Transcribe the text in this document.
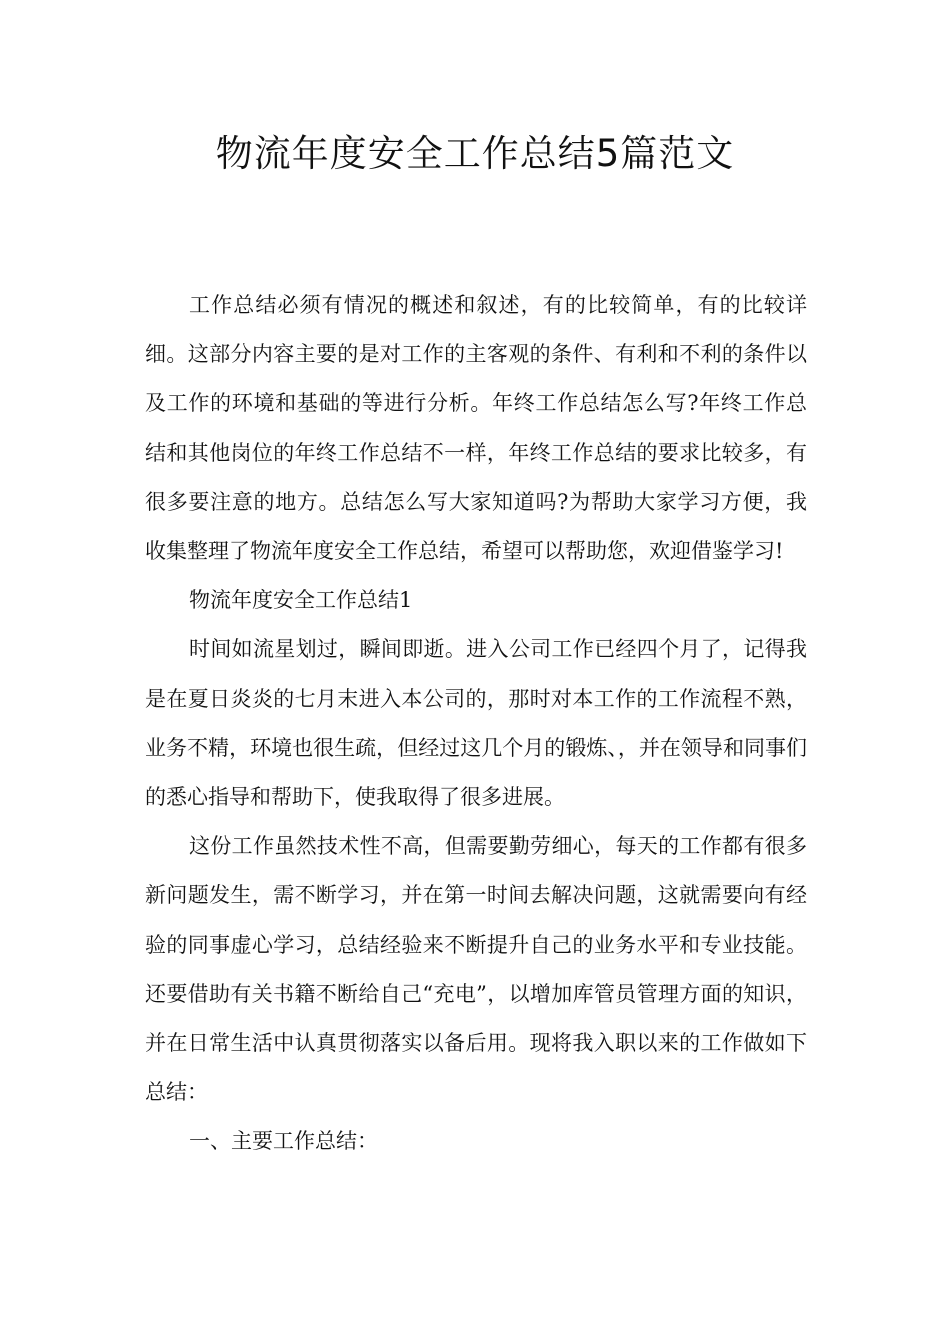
物流年度安全工作总结5篇范文

工作总结必须有情况的概述和叙述，有的比较简单，有的比较详细。这部分内容主要的是对工作的主客观的条件、有利和不利的条件以及工作的环境和基础的等进行分析。年终工作总结怎么写?年终工作总结和其他岗位的年终工作总结不一样，年终工作总结的要求比较多，有很多要注意的地方。总结怎么写大家知道吗?为帮助大家学习方便，我收集整理了物流年度安全工作总结，希望可以帮助您，欢迎借鉴学习!

物流年度安全工作总结1

时间如流星划过，瞬间即逝。进入公司工作已经四个月了，记得我是在夏日炎炎的七月末进入本公司的，那时对本工作的工作流程不熟，业务不精，环境也很生疏，但经过这几个月的锻炼、，并在领导和同事们的悉心指导和帮助下，使我取得了很多进展。

这份工作虽然技术性不高，但需要勤劳细心，每天的工作都有很多新问题发生，需不断学习，并在第一时间去解决问题，这就需要向有经验的同事虚心学习，总结经验来不断提升自己的业务水平和专业技能。还要借助有关书籍不断给自己“充电”，以增加库管员管理方面的知识，并在日常生活中认真贯彻落实以备后用。现将我入职以来的工作做如下总结：

一、主要工作总结：
